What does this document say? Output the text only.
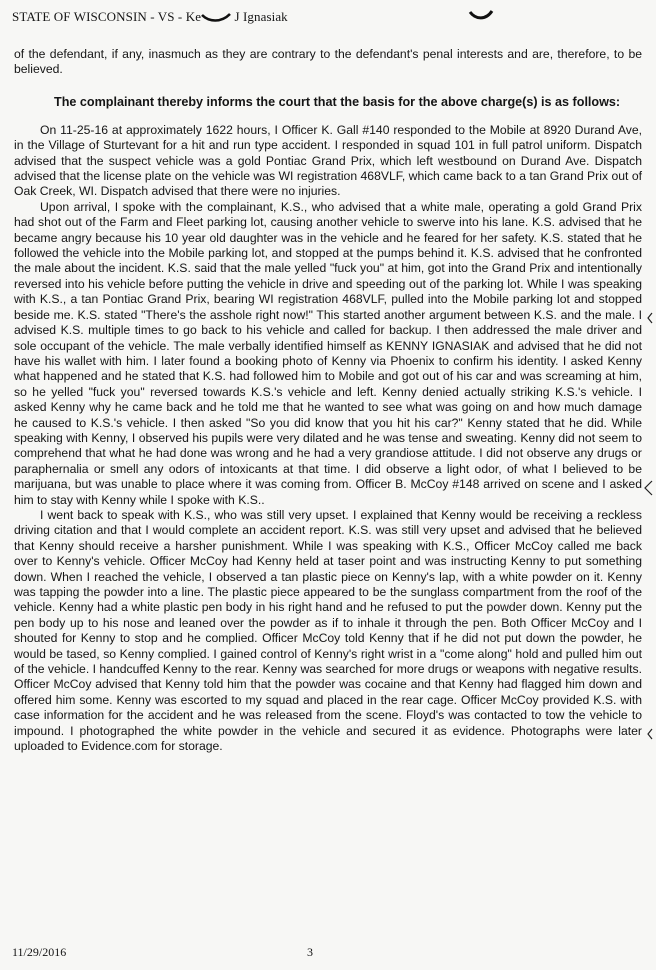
STATE OF WISCONSIN - VS - Ke	J Ignasiak

of the defendant, if any, inasmuch as they are contrary to the defendant's penal interests and are, therefore, to be believed.

The complainant thereby informs the court that the basis for the above charge(s) is as follows:

On 11-25-16 at approximately 1622 hours, I Officer K. Gall #140 responded to the Mobile at 8920 Durand Ave, in the Village of Sturtevant for a hit and run type accident. I responded in squad 101 in full patrol uniform. Dispatch advised that the suspect vehicle was a gold Pontiac Grand Prix, which left westbound on Durand Ave. Dispatch advised that the license plate on the vehicle was WI registration 468VLF, which came back to a tan Grand Prix out of Oak Creek, WI. Dispatch advised that there were no injuries.

Upon arrival, I spoke with the complainant, K.S., who advised that a white male, operating a gold Grand Prix had shot out of the Farm and Fleet parking lot, causing another vehicle to swerve into his lane. K.S. advised that he became angry because his 10 year old daughter was in the vehicle and he feared for her safety. K.S. stated that he followed the vehicle into the Mobile parking lot, and stopped at the pumps behind it. K.S. advised that he confronted the male about the incident. K.S. said that the male yelled "fuck you" at him, got into the Grand Prix and intentionally reversed into his vehicle before putting the vehicle in drive and speeding out of the parking lot. While I was speaking with K.S., a tan Pontiac Grand Prix, bearing WI registration 468VLF, pulled into the Mobile parking lot and stopped beside me. K.S. stated "There's the asshole right now!" This started another argument between K.S. and the male. I advised K.S. multiple times to go back to his vehicle and called for backup. I then addressed the male driver and sole occupant of the vehicle. The male verbally identified himself as KENNY IGNASIAK and advised that he did not have his wallet with him. I later found a booking photo of Kenny via Phoenix to confirm his identity. I asked Kenny what happened and he stated that K.S. had followed him to Mobile and got out of his car and was screaming at him, so he yelled "fuck you" reversed towards K.S.'s vehicle and left. Kenny denied actually striking K.S.'s vehicle. I asked Kenny why he came back and he told me that he wanted to see what was going on and how much damage he caused to K.S.'s vehicle. I then asked "So you did know that you hit his car?" Kenny stated that he did. While speaking with Kenny, I observed his pupils were very dilated and he was tense and sweating. Kenny did not seem to comprehend that what he had done was wrong and he had a very grandiose attitude. I did not observe any drugs or paraphernalia or smell any odors of intoxicants at that time. I did observe a light odor, of what I believed to be marijuana, but was unable to place where it was coming from. Officer B. McCoy #148 arrived on scene and I asked him to stay with Kenny while I spoke with K.S..

I went back to speak with K.S., who was still very upset. I explained that Kenny would be receiving a reckless driving citation and that I would complete an accident report. K.S. was still very upset and advised that he believed that Kenny should receive a harsher punishment. While I was speaking with K.S., Officer McCoy called me back over to Kenny's vehicle. Officer McCoy had Kenny held at taser point and was instructing Kenny to put something down. When I reached the vehicle, I observed a tan plastic piece on Kenny's lap, with a white powder on it. Kenny was tapping the powder into a line. The plastic piece appeared to be the sunglass compartment from the roof of the vehicle. Kenny had a white plastic pen body in his right hand and he refused to put the powder down. Kenny put the pen body up to his nose and leaned over the powder as if to inhale it through the pen. Both Officer McCoy and I shouted for Kenny to stop and he complied. Officer McCoy told Kenny that if he did not put down the powder, he would be tased, so Kenny complied. I gained control of Kenny's right wrist in a "come along" hold and pulled him out of the vehicle. I handcuffed Kenny to the rear. Kenny was searched for more drugs or weapons with negative results. Officer McCoy advised that Kenny told him that the powder was cocaine and that Kenny had flagged him down and offered him some. Kenny was escorted to my squad and placed in the rear cage. Officer McCoy provided K.S. with case information for the accident and he was released from the scene. Floyd's was contacted to tow the vehicle to impound. I photographed the white powder in the vehicle and secured it as evidence. Photographs were later uploaded to Evidence.com for storage.

11/29/2016	3
